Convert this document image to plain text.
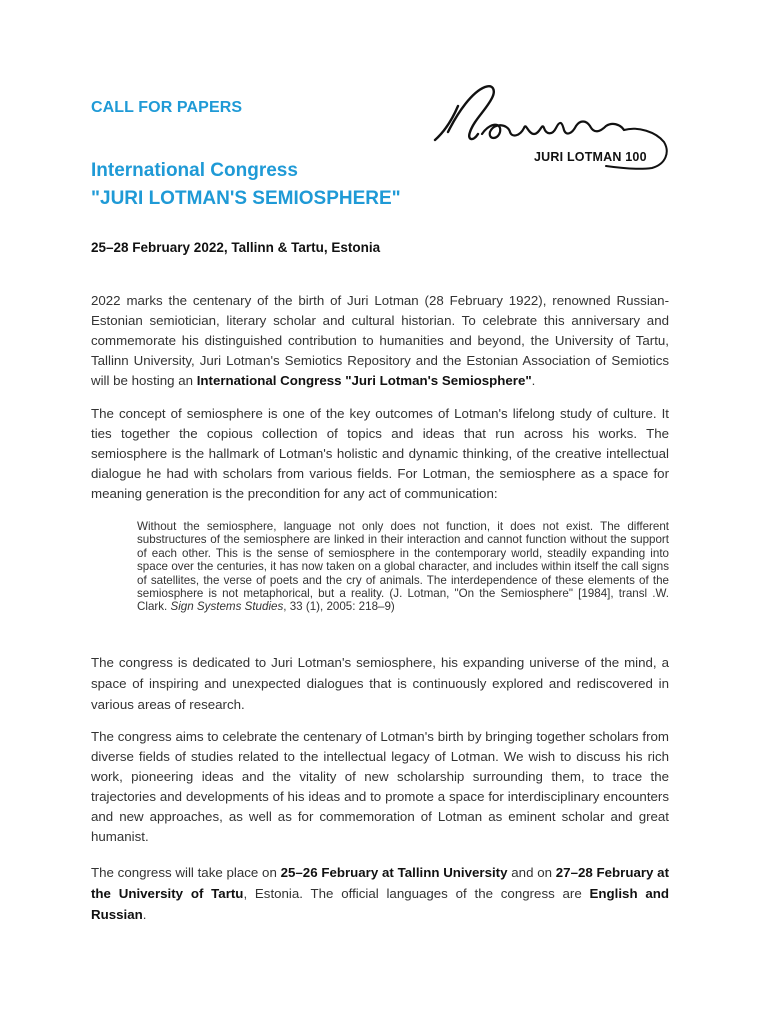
CALL FOR PAPERS
International Congress
"JURI LOTMAN'S SEMIOSPHERE"
JURI LOTMAN 100
25–28 February 2022, Tallinn & Tartu, Estonia

2022 marks the centenary of the birth of Juri Lotman (28 February 1922), renowned Russian-Estonian semiotician, literary scholar and cultural historian. To celebrate this anniversary and commemorate his distinguished contribution to humanities and beyond, the University of Tartu, Tallinn University, Juri Lotman's Semiotics Repository and the Estonian Association of Semiotics will be hosting an International Congress "Juri Lotman's Semiosphere".

The concept of semiosphere is one of the key outcomes of Lotman's lifelong study of culture. It ties together the copious collection of topics and ideas that run across his works. The semiosphere is the hallmark of Lotman's holistic and dynamic thinking, of the creative intellectual dialogue he had with scholars from various fields. For Lotman, the semiosphere as a space for meaning generation is the precondition for any act of communication:

Without the semiosphere, language not only does not function, it does not exist. The different substructures of the semiosphere are linked in their interaction and cannot function without the support of each other. This is the sense of semiosphere in the contemporary world, steadily expanding into space over the centuries, it has now taken on a global character, and includes within itself the call signs of satellites, the verse of poets and the cry of animals. The interdependence of these elements of the semiosphere is not metaphorical, but a reality. (J. Lotman, "On the Semiosphere" [1984], transl .W. Clark. Sign Systems Studies, 33 (1), 2005: 218–9)

The congress is dedicated to Juri Lotman's semiosphere, his expanding universe of the mind, a space of inspiring and unexpected dialogues that is continuously explored and rediscovered in various areas of research.

The congress aims to celebrate the centenary of Lotman's birth by bringing together scholars from diverse fields of studies related to the intellectual legacy of Lotman. We wish to discuss his rich work, pioneering ideas and the vitality of new scholarship surrounding them, to trace the trajectories and developments of his ideas and to promote a space for interdisciplinary encounters and new approaches, as well as for commemoration of Lotman as eminent scholar and great humanist.

The congress will take place on 25–26 February at Tallinn University and on 27–28 February at the University of Tartu, Estonia. The official languages of the congress are English and Russian.
